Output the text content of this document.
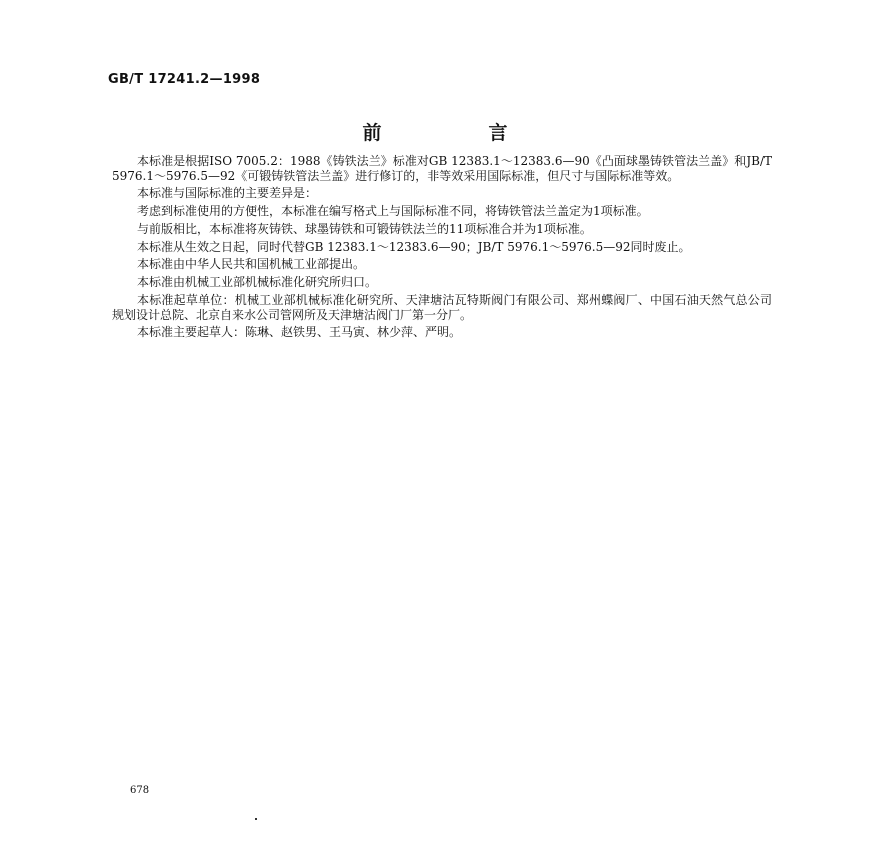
GB/T 17241.2—1998
前　言

本标准是根据ISO 7005.2：1988《铸铁法兰》标准对GB 12383.1～12383.6—90《凸面球墨铸铁管法兰盖》和JB/T 5976.1～5976.5—92《可锻铸铁管法兰盖》进行修订的，非等效采用国际标准，但尺寸与国际标准等效。

本标准与国际标准的主要差异是：

考虑到标准使用的方便性，本标准在编写格式上与国际标准不同，将铸铁管法兰盖定为1项标准。

与前版相比，本标准将灰铸铁、球墨铸铁和可锻铸铁法兰的11项标准合并为1项标准。

本标准从生效之日起，同时代替GB 12383.1～12383.6—90；JB/T 5976.1～5976.5—92同时废止。

本标准由中华人民共和国机械工业部提出。

本标准由机械工业部机械标准化研究所归口。

本标准起草单位：机械工业部机械标准化研究所、天津塘沽瓦特斯阀门有限公司、郑州蝶阀厂、中国石油天然气总公司规划设计总院、北京自来水公司管网所及天津塘沽阀门厂第一分厂。

本标准主要起草人：陈琳、赵铁男、王马寅、林少萍、严明。

678
